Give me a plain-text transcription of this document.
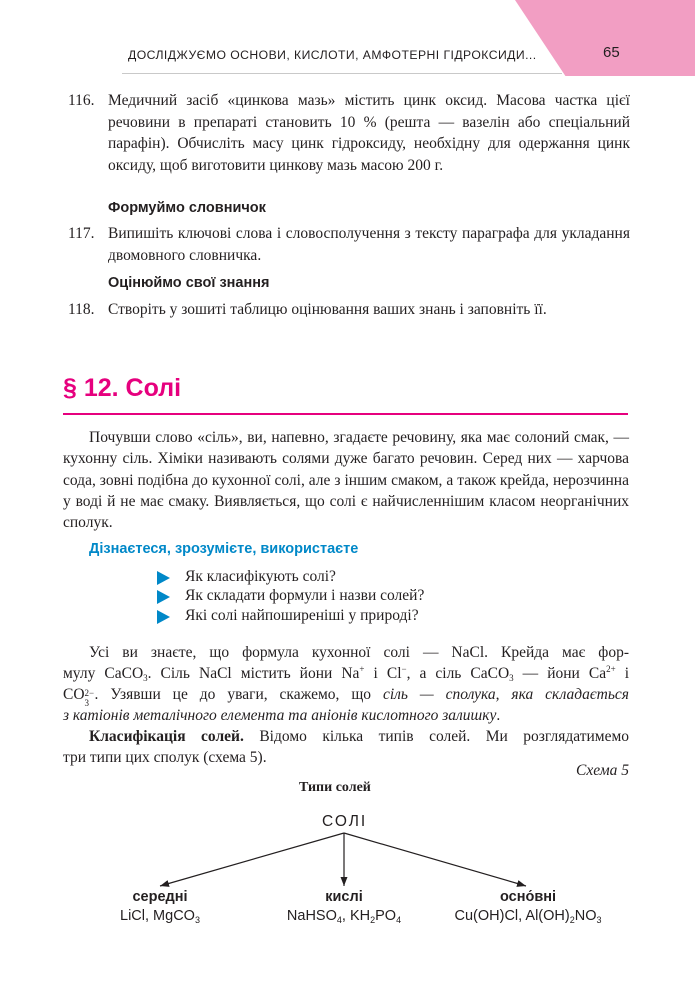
ДОСЛІДЖУЄМО ОСНОВИ, КИСЛОТИ, АМФОТЕРНІ ГІДРОКСИДИ...	65
116. Медичний засіб «цинкова мазь» містить цинк оксид. Масова частка цієї речовини в препараті становить 10 % (решта — вазелін або спеціальний парафін). Обчисліть масу цинк гідроксиду, необхідну для одержання цинк оксиду, щоб виготовити цинкову мазь масою 200 г.
Формуймо словничок
117. Випишіть ключові слова і словосполучення з тексту параграфа для укладання двомовного словничка.
Оцінюймо свої знання
118. Створіть у зошиті таблицю оцінювання ваших знань і заповніть її.
§ 12. Солі
Почувши слово «сіль», ви, напевно, згадаєте речовину, яка має солоний смак, — кухонну сіль. Хіміки називають солями дуже багато речовин. Серед них — харчова сода, зовні подібна до кухонної солі, але з іншим смаком, а також крейда, нерозчинна у воді й не має смаку. Виявляється, що солі є найчисленнішим класом неорганічних сполук.
Дізнаєтеся, зрозумієте, використаєте
Як класифікують солі?
Як складати формули і назви солей?
Які солі найпоширеніші у природі?
Усі ви знаєте, що формула кухонної солі — NaCl. Крейда має фор-
мулу CaCO$_3$. Сіль NaCl містить йони Na+ і Cl−, а сіль CaCO$_3$ — йони $Ca^{2+}$ і
CO 2−
3 . Узявши це до уваги, скажемо, що сіль — сполука, яка складається
з катіонів металічного елемента та аніонів кислотного залишку.
Класифікація солей. Відомо кілька типів солей. Ми розглядатимемо
три типи цих сполук (схема 5).
Схема 5
Типи солей
СОЛІ
середні
LiCl, MgCO$_3$
кислі
NaHSO$_4$, $KH_2PO_4$
осно́вні
Cu(OH)Cl, $Al(OH)_2NO_3$
